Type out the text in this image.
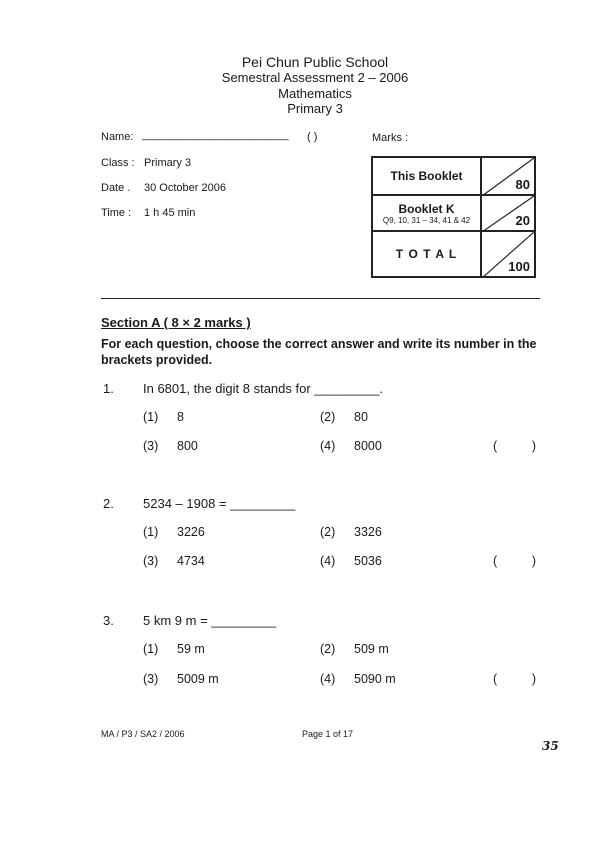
Pei Chun Public School
Semestral Assessment 2 – 2006
Mathematics
Primary 3
Name: __________________________ ( )	Marks :
Class : Primary 3
Date . 30 October 2006
Time : 1 h 45 min
This Booklet	80

Booklet K
Q9, 10, 31 – 34, 41 & 42	20

T O T A L	100
Section A ( 8 × 2 marks )
For each question, choose the correct answer and write its number in the brackets provided.
1. In 6801, the digit 8 stands for _________.
(1) 8	(2) 80
(3) 800	(4) 8000	(          )
2. 5234 – 1908 = _________
(1) 3226	(2) 3326
(3) 4734	(4) 5036	(          )
3. 5 km 9 m = _________
(1) 59 m	(2) 509 m
(3) 5009 m	(4) 5090 m	(          )
MA / P3 / SA2 / 2006	Page 1 of 17
35
